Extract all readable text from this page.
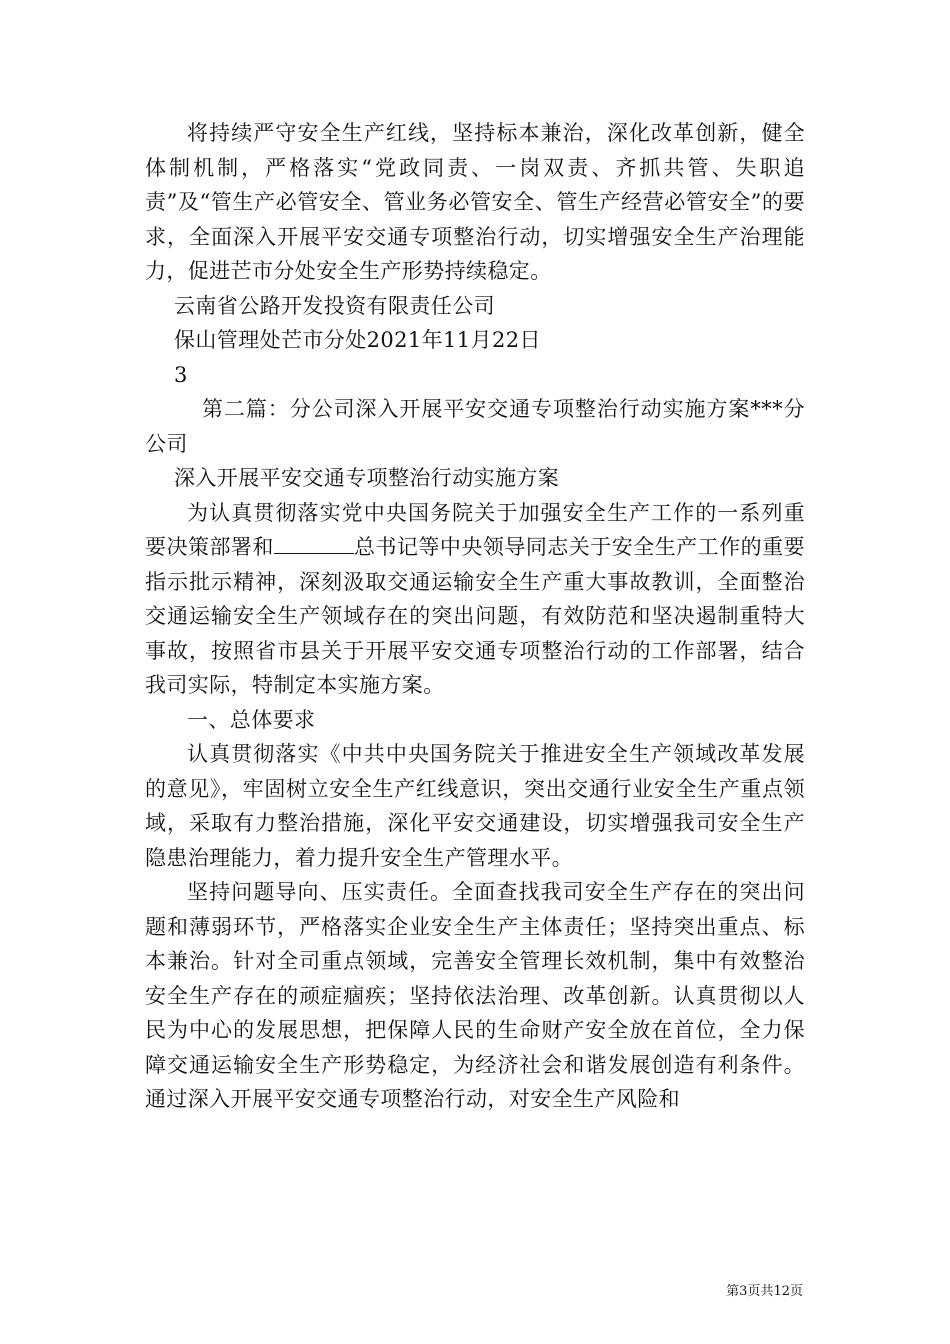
将持续严守安全生产红线，坚持标本兼治，深化改革创新，健全体制机制，严格落实“党政同责、一岗双责、齐抓共管、失职追责”及“管生产必管安全、管业务必管安全、管生产经营必管安全”的要求，全面深入开展平安交通专项整治行动，切实增强安全生产治理能力，促进芒市分处安全生产形势持续稳定。

云南省公路开发投资有限责任公司

保山管理处芒市分处2021年11月22日

3

第二篇：分公司深入开展平安交通专项整治行动实施方案***分公司

深入开展平安交通专项整治行动实施方案

为认真贯彻落实党中央国务院关于加强安全生产工作的一系列重要决策部署和	总书记等中央领导同志关于安全生产工作的重要指示批示精神，深刻汲取交通运输安全生产重大事故教训，全面整治交通运输安全生产领域存在的突出问题，有效防范和坚决遏制重特大事故，按照省市县关于开展平安交通专项整治行动的工作部署，结合我司实际，特制定本实施方案。

一、总体要求

认真贯彻落实《中共中央国务院关于推进安全生产领域改革发展的意见》，牢固树立安全生产红线意识，突出交通行业安全生产重点领域，采取有力整治措施，深化平安交通建设，切实增强我司安全生产隐患治理能力，着力提升安全生产管理水平。

坚持问题导向、压实责任。全面查找我司安全生产存在的突出问题和薄弱环节，严格落实企业安全生产主体责任；坚持突出重点、标本兼治。针对全司重点领域，完善安全管理长效机制，集中有效整治安全生产存在的顽症痼疾；坚持依法治理、改革创新。认真贯彻以人民为中心的发展思想，把保障人民的生命财产安全放在首位，全力保障交通运输安全生产形势稳定，为经济社会和谐发展创造有利条件。通过深入开展平安交通专项整治行动，对安全生产风险和

第3页共12页
